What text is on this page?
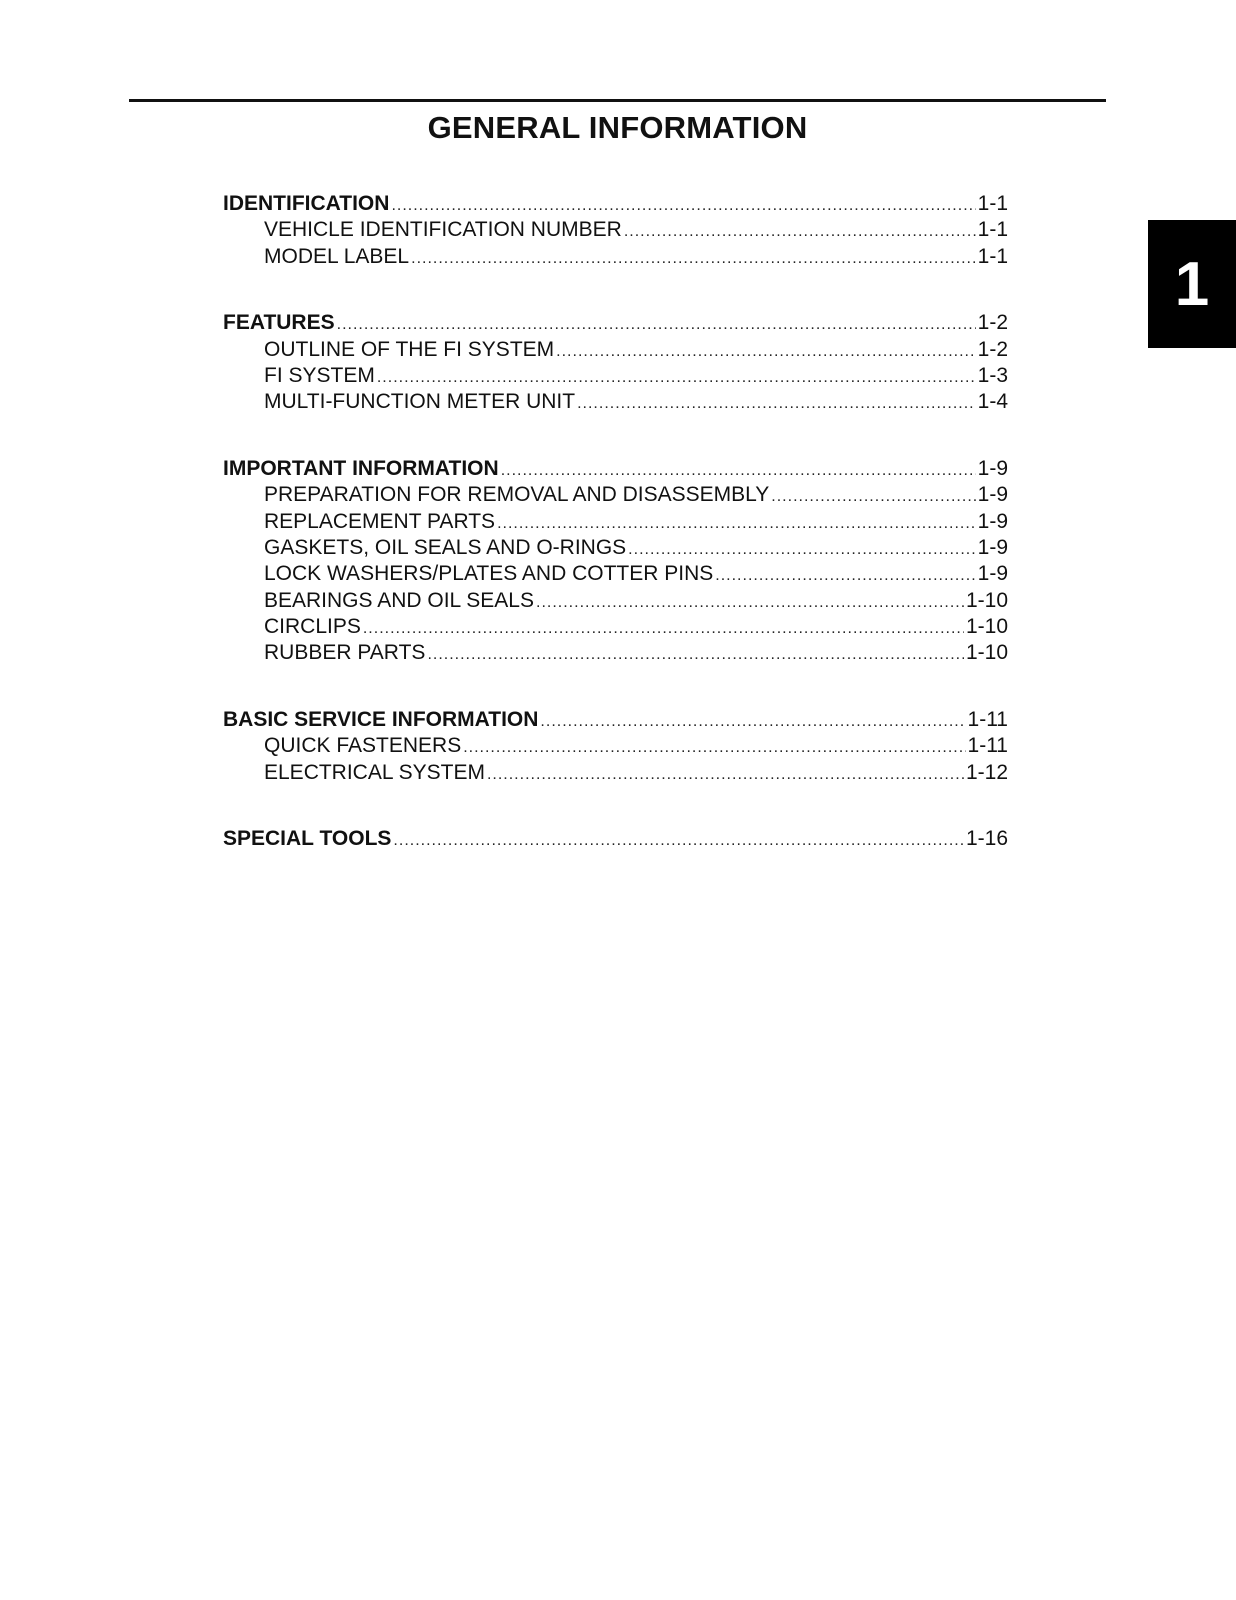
GENERAL INFORMATION
1
IDENTIFICATION .....	1-1
VEHICLE IDENTIFICATION NUMBER .....	1-1
MODEL LABEL .....	1-1
FEATURES .....	1-2
OUTLINE OF THE FI SYSTEM .....	1-2
FI SYSTEM .....	1-3
MULTI-FUNCTION METER UNIT .....	1-4
IMPORTANT INFORMATION .....	1-9
PREPARATION FOR REMOVAL AND DISASSEMBLY .....	1-9
REPLACEMENT PARTS .....	1-9
GASKETS, OIL SEALS AND O-RINGS .....	1-9
LOCK WASHERS/PLATES AND COTTER PINS .....	1-9
BEARINGS AND OIL SEALS .....	1-10
CIRCLIPS .....	1-10
RUBBER PARTS .....	1-10
BASIC SERVICE INFORMATION .....	1-11
QUICK FASTENERS .....	1-11
ELECTRICAL SYSTEM .....	1-12
SPECIAL TOOLS .....	1-16
